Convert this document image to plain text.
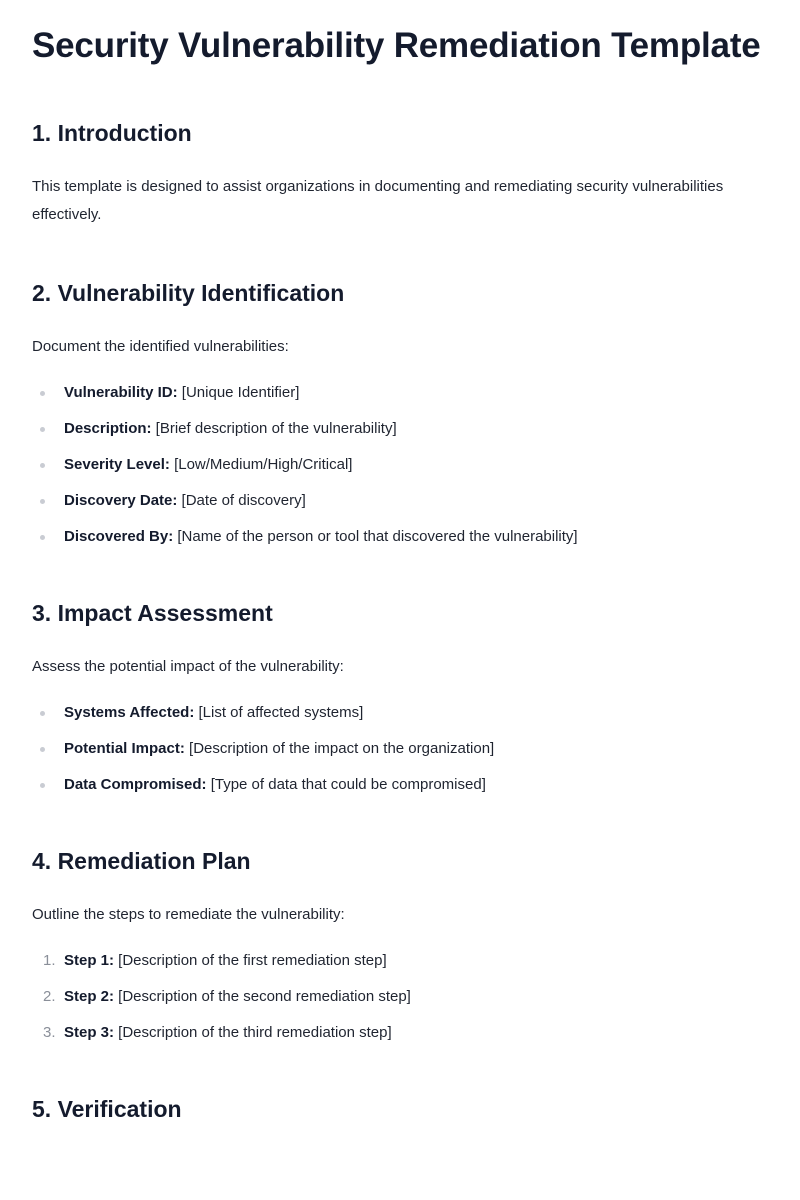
Security Vulnerability Remediation Template
1. Introduction

This template is designed to assist organizations in documenting and remediating security vulnerabilities effectively.

2. Vulnerability Identification

Document the identified vulnerabilities:

Vulnerability ID: [Unique Identifier]
Description: [Brief description of the vulnerability]
Severity Level: [Low/Medium/High/Critical]
Discovery Date: [Date of discovery]
Discovered By: [Name of the person or tool that discovered the vulnerability]
3. Impact Assessment

Assess the potential impact of the vulnerability:

Systems Affected: [List of affected systems]
Potential Impact: [Description of the impact on the organization]
Data Compromised: [Type of data that could be compromised]
4. Remediation Plan

Outline the steps to remediate the vulnerability:

1. Step 1: [Description of the first remediation step]
2. Step 2: [Description of the second remediation step]
3. Step 3: [Description of the third remediation step]
5. Verification
